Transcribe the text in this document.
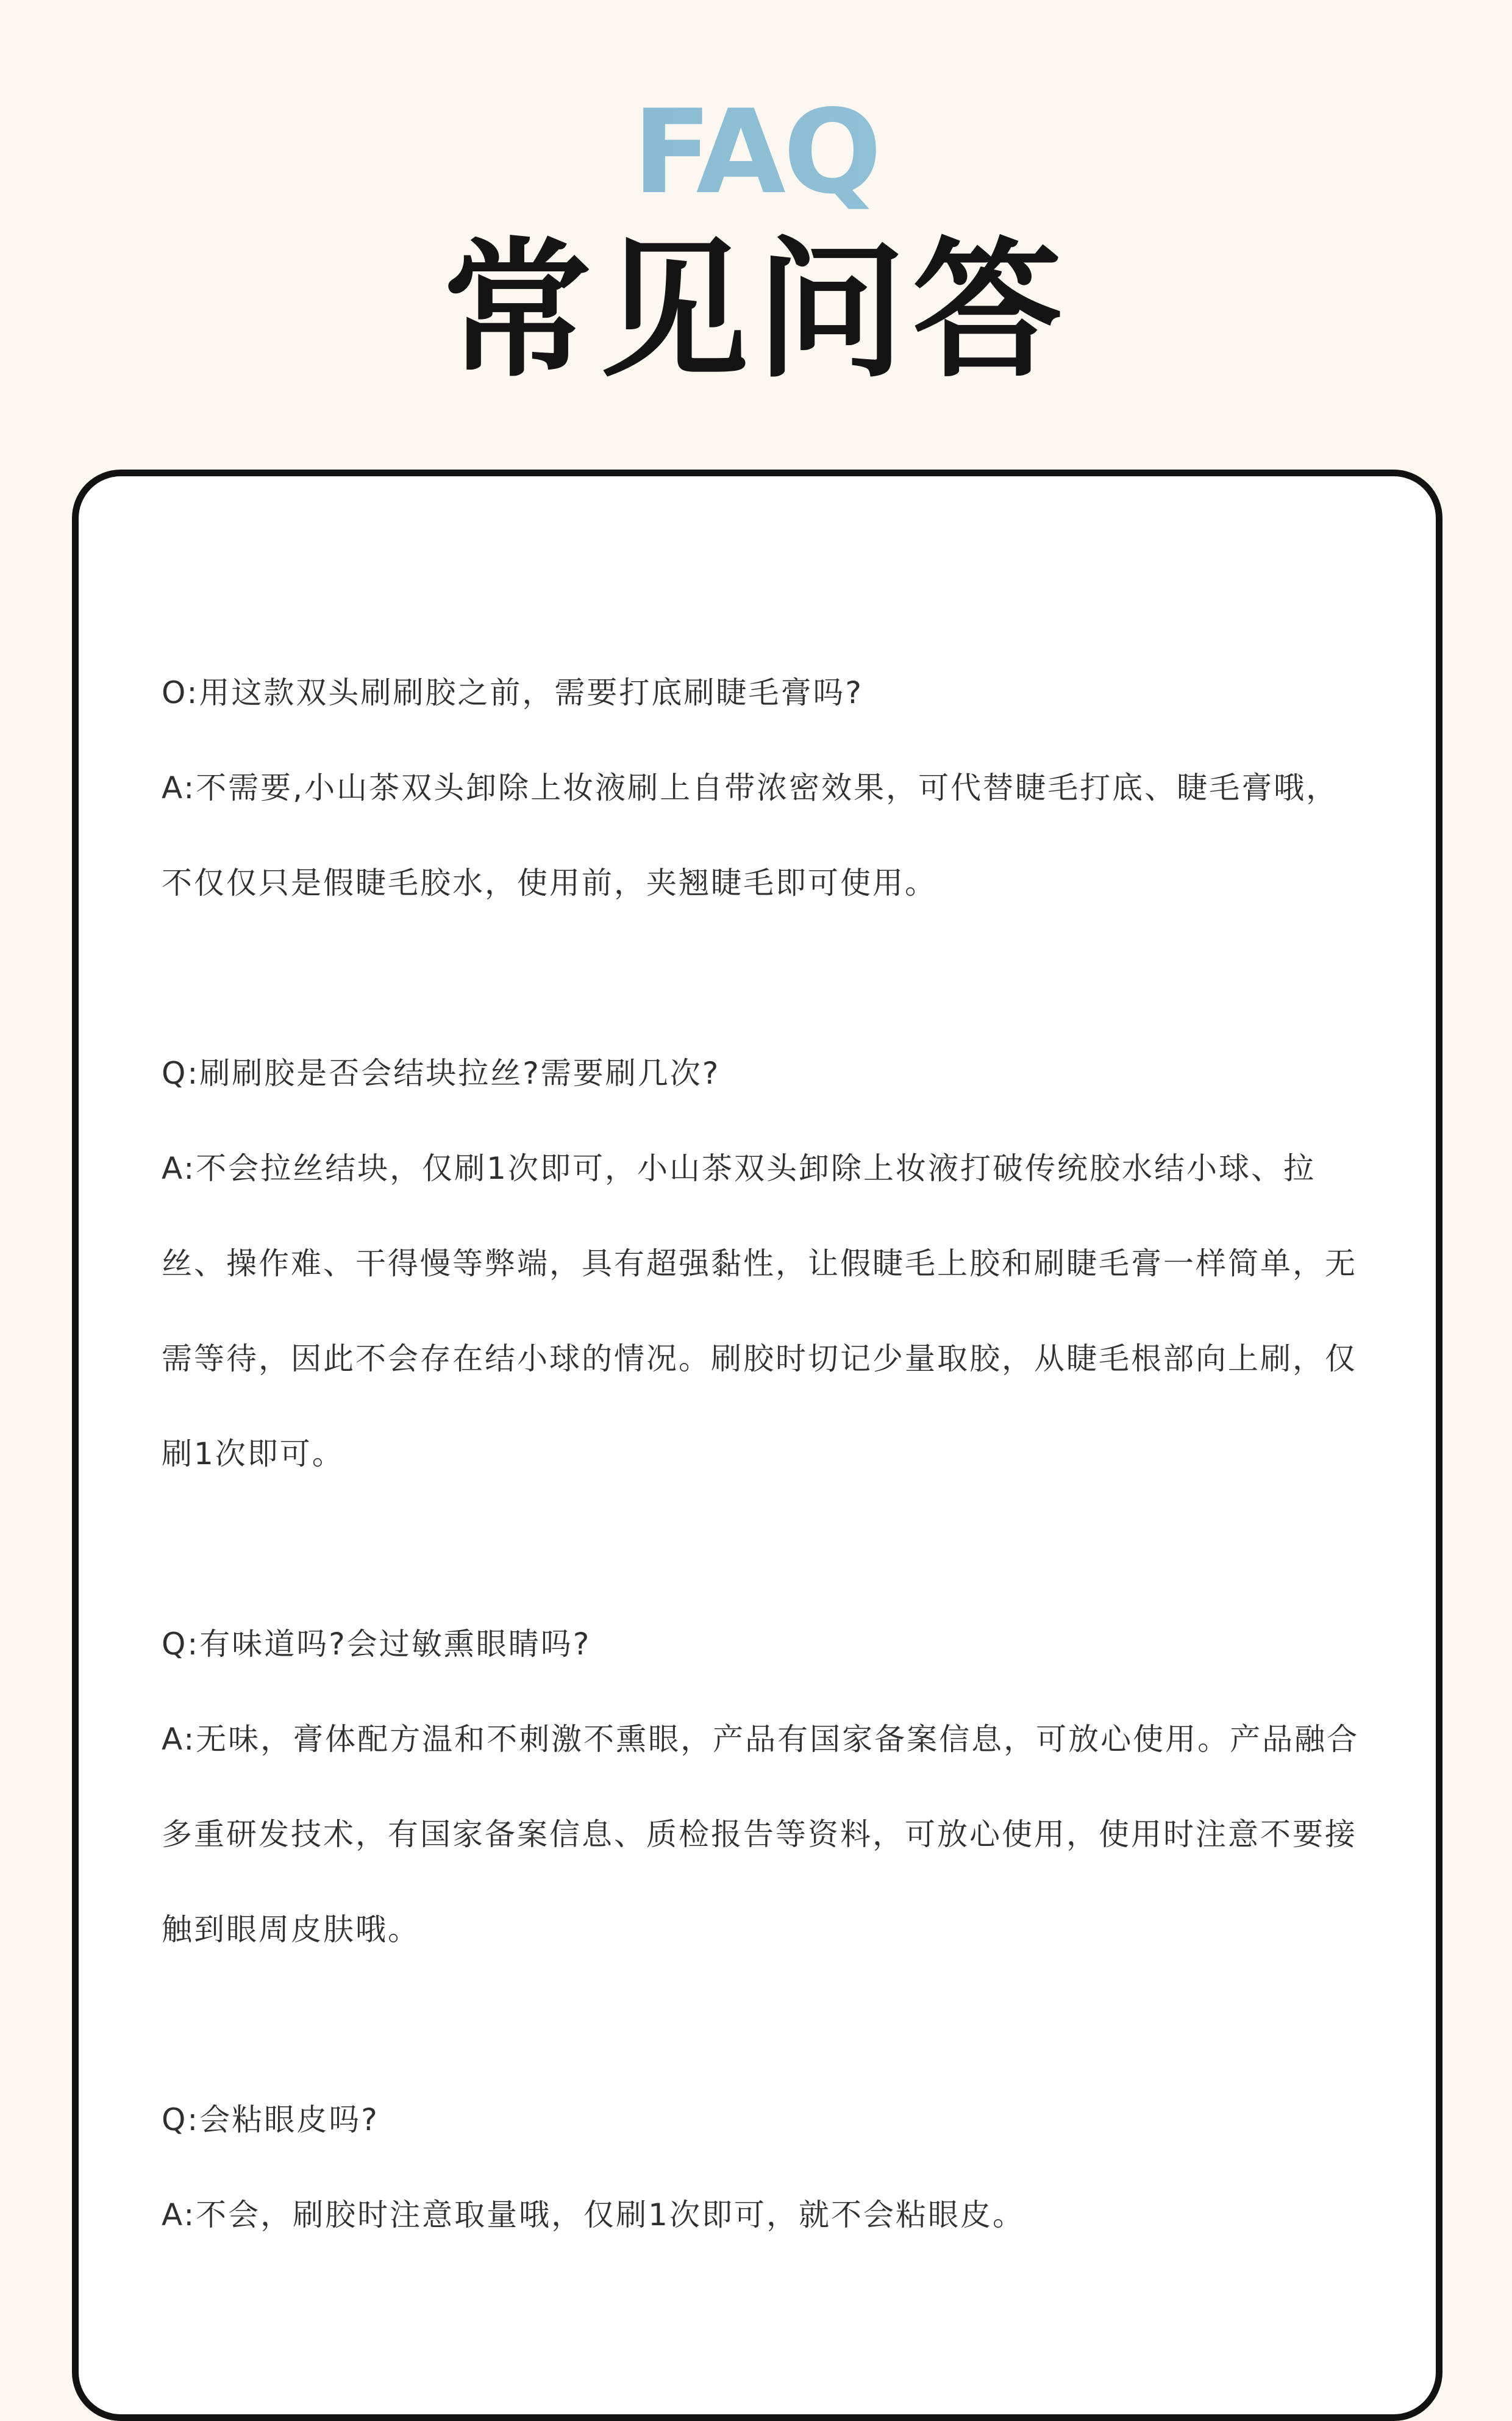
FAQ
常见问答
O:用这款双头刷刷胶之前，需要打底刷睫毛膏吗?
A:不需要,小山茶双头卸除上妆液刷上自带浓密效果，可代替睫毛打底、睫毛膏哦，不仅仅只是假睫毛胶水，使用前，夹翘睫毛即可使用。
Q:刷刷胶是否会结块拉丝?需要刷几次?
A:不会拉丝结块，仅刷1次即可，小山茶双头卸除上妆液打破传统胶水结小球、拉丝、操作难、干得慢等弊端，具有超强黏性，让假睫毛上胶和刷睫毛膏一样简单，无需等待，因此不会存在结小球的情况。刷胶时切记少量取胶，从睫毛根部向上刷，仅刷1次即可。
Q:有味道吗?会过敏熏眼睛吗?
A:无味，膏体配方温和不刺激不熏眼，产品有国家备案信息，可放心使用。产品融合多重研发技术，有国家备案信息、质检报告等资料，可放心使用，使用时注意不要接触到眼周皮肤哦。
Q:会粘眼皮吗?
A:不会，刷胶时注意取量哦，仅刷1次即可，就不会粘眼皮。
